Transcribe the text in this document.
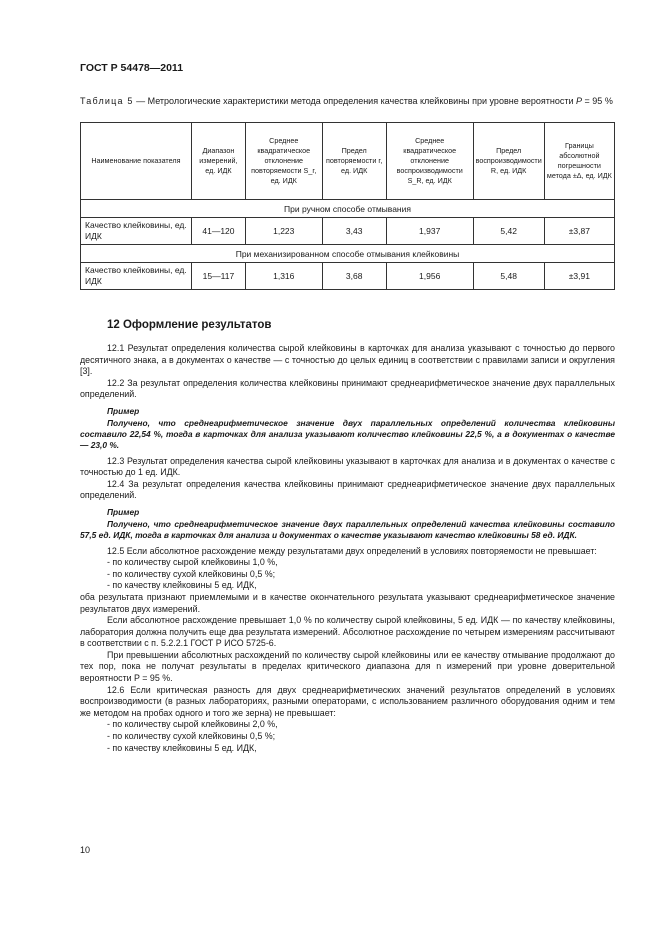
ГОСТ Р 54478—2011
Таблица 5 — Метрологические характеристики метода определения качества клейковины при уровне вероятности P = 95 %
Наименование показателя	Диапазон измерений, ед. ИДК	Среднее квадратическое отклонение повторяемости S_r, ед. ИДК	Предел повторяемости r, ед. ИДК	Среднее квадратическое отклонение воспроизводимости S_R, ед. ИДК	Предел воспроизводимости R, ед. ИДК	Границы абсолютной погрешности метода ±Δ, ед. ИДК
При ручном способе отмывания						
Качество клейковины, ед. ИДК	41—120	1,223	3,43	1,937	5,42	±3,87
При механизированном способе отмывания клейковины						
Качество клейковины, ед. ИДК	15—117	1,316	3,68	1,956	5,48	±3,91
12 Оформление результатов

12.1 Результат определения количества сырой клейковины в карточках для анализа указывают с точностью до первого десятичного знака, а в документах о качестве — с точностью до целых единиц в соответствии с правилами записи и округления [3].

12.2 За результат определения количества клейковины принимают среднеарифметическое значение двух параллельных определений.

Пример
Получено, что среднеарифметическое значение двух параллельных определений количества клейковины составило 22,54 %, тогда в карточках для анализа указывают количество клейковины 22,5 %, а в документах о качестве — 23,0 %.

12.3 Результат определения качества сырой клейковины указывают в карточках для анализа и в документах о качестве с точностью до 1 ед. ИДК.

12.4 За результат определения качества клейковины принимают среднеарифметическое значение двух параллельных определений.

Пример
Получено, что среднеарифметическое значение двух параллельных определений качества клейковины составило 57,5 ед. ИДК, тогда в карточках для анализа и документах о качестве указывают качество клейковины 58 ед. ИДК.

12.5 Если абсолютное расхождение между результатами двух определений в условиях повторяемости не превышает:

- по количеству сырой клейковины 1,0 %,
- по количеству сухой клейковины 0,5 %;
- по качеству клейковины 5 ед. ИДК,

оба результата признают приемлемыми и в качестве окончательного результата указывают среднеарифметическое значение результатов двух измерений.

Если абсолютное расхождение превышает 1,0 % по количеству сырой клейковины, 5 ед. ИДК — по качеству клейковины, лаборатория должна получить еще два результата измерений. Абсолютное расхождение по четырем измерениям рассчитывают в соответствии с п. 5.2.2.1 ГОСТ Р ИСО 5725-6.

При превышении абсолютных расхождений по количеству сырой клейковины или ее качеству отмывание продолжают до тех пор, пока не получат результаты в пределах критического диапазона для n измерений при уровне доверительной вероятности P = 95 %.

12.6 Если критическая разность для двух среднеарифметических значений результатов определений в условиях воспроизводимости (в разных лабораториях, разными операторами, с использованием различного оборудования одним и тем же методом на пробах одного и того же зерна) не превышает:

- по количеству сырой клейковины 2,0 %,
- по количеству сухой клейковины 0,5 %;
- по качеству клейковины 5 ед. ИДК,
10
